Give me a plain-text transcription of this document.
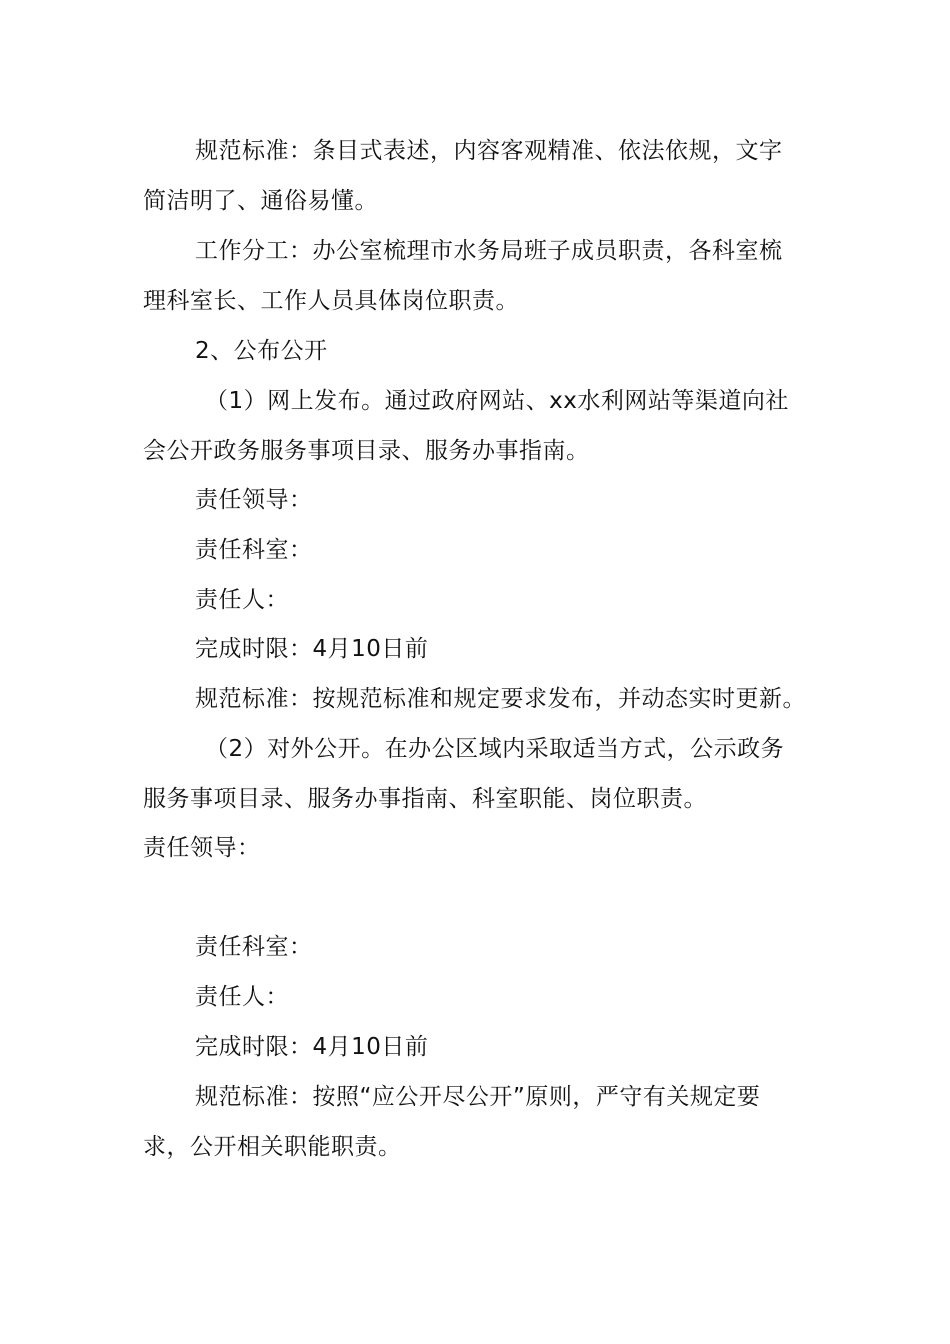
规范标准：条目式表述，内容客观精准、依法依规，文字
简洁明了、通俗易懂。
工作分工：办公室梳理市水务局班子成员职责，各科室梳
理科室长、工作人员具体岗位职责。
2、公布公开
（1）网上发布。通过政府网站、xx水利网站等渠道向社
会公开政务服务事项目录、服务办事指南。
责任领导：
责任科室：
责任人：
完成时限：4月10日前
规范标准：按规范标准和规定要求发布，并动态实时更新。
（2）对外公开。在办公区域内采取适当方式，公示政务
服务事项目录、服务办事指南、科室职能、岗位职责。
责任领导：
责任科室：
责任人：
完成时限：4月10日前
规范标准：按照“应公开尽公开”原则，严守有关规定要
求，公开相关职能职责。
